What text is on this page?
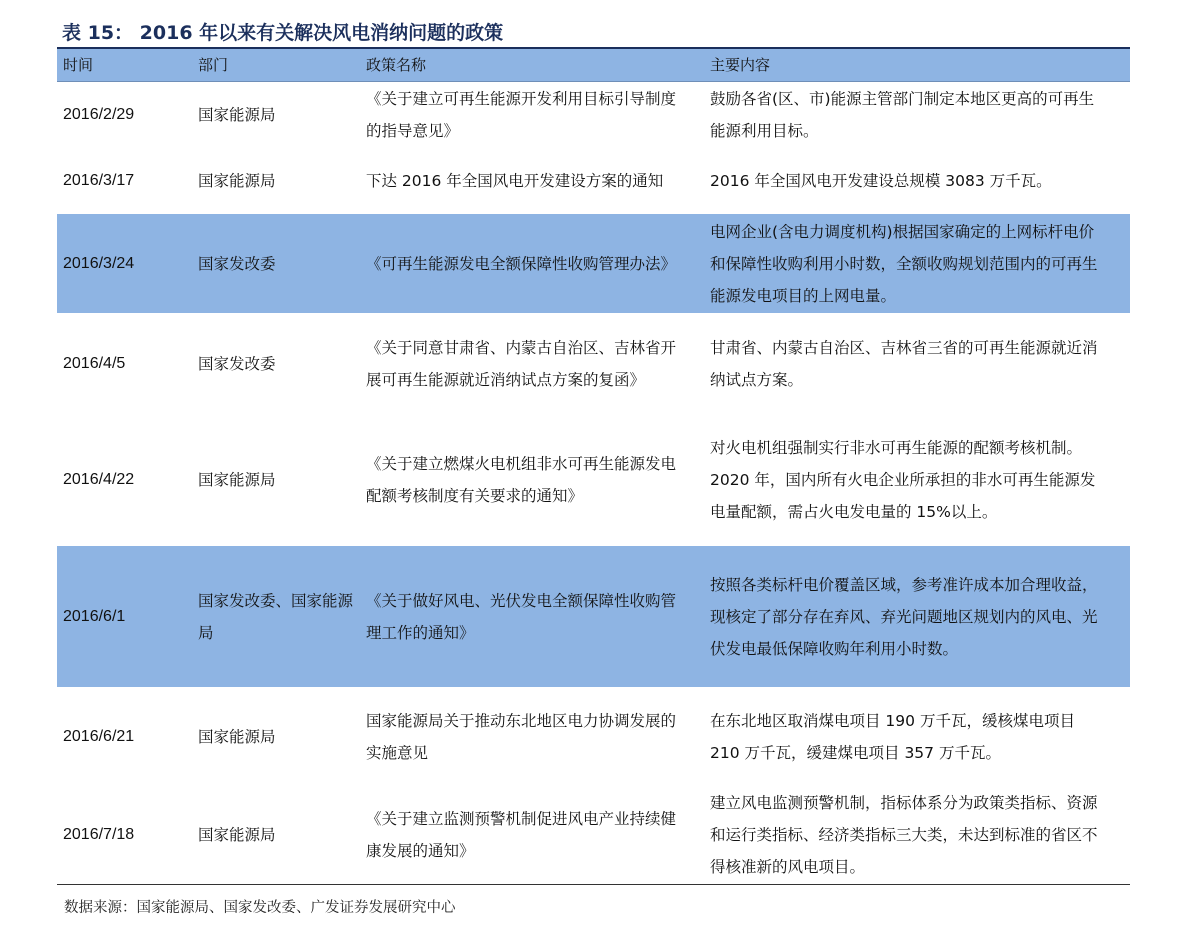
表 15： 2016 年以来有关解决风电消纳问题的政策
时间	部门	政策名称	主要内容
2016/2/29	国家能源局	《关于建立可再生能源开发利用目标引导制度的指导意见》	鼓励各省(区、市)能源主管部门制定本地区更高的可再生能源利用目标。
2016/3/17	国家能源局	下达 2016 年全国风电开发建设方案的通知	2016 年全国风电开发建设总规模 3083 万千瓦。
2016/3/24	国家发改委	《可再生能源发电全额保障性收购管理办法》	电网企业(含电力调度机构)根据国家确定的上网标杆电价和保障性收购利用小时数，全额收购规划范围内的可再生能源发电项目的上网电量。
2016/4/5	国家发改委	《关于同意甘肃省、内蒙古自治区、吉林省开展可再生能源就近消纳试点方案的复函》	甘肃省、内蒙古自治区、吉林省三省的可再生能源就近消纳试点方案。
2016/4/22	国家能源局	《关于建立燃煤火电机组非水可再生能源发电配额考核制度有关要求的通知》	对火电机组强制实行非水可再生能源的配额考核机制。2020 年，国内所有火电企业所承担的非水可再生能源发电量配额，需占火电发电量的 15%以上。
2016/6/1	国家发改委、国家能源局	《关于做好风电、光伏发电全额保障性收购管理工作的通知》	按照各类标杆电价覆盖区域，参考准许成本加合理收益，现核定了部分存在弃风、弃光问题地区规划内的风电、光伏发电最低保障收购年利用小时数。
2016/6/21	国家能源局	国家能源局关于推动东北地区电力协调发展的实施意见	在东北地区取消煤电项目 190 万千瓦，缓核煤电项目 210 万千瓦，缓建煤电项目 357 万千瓦。
2016/7/18	国家能源局	《关于建立监测预警机制促进风电产业持续健康发展的通知》	建立风电监测预警机制，指标体系分为政策类指标、资源和运行类指标、经济类指标三大类，未达到标准的省区不得核准新的风电项目。
数据来源：国家能源局、国家发改委、广发证券发展研究中心
